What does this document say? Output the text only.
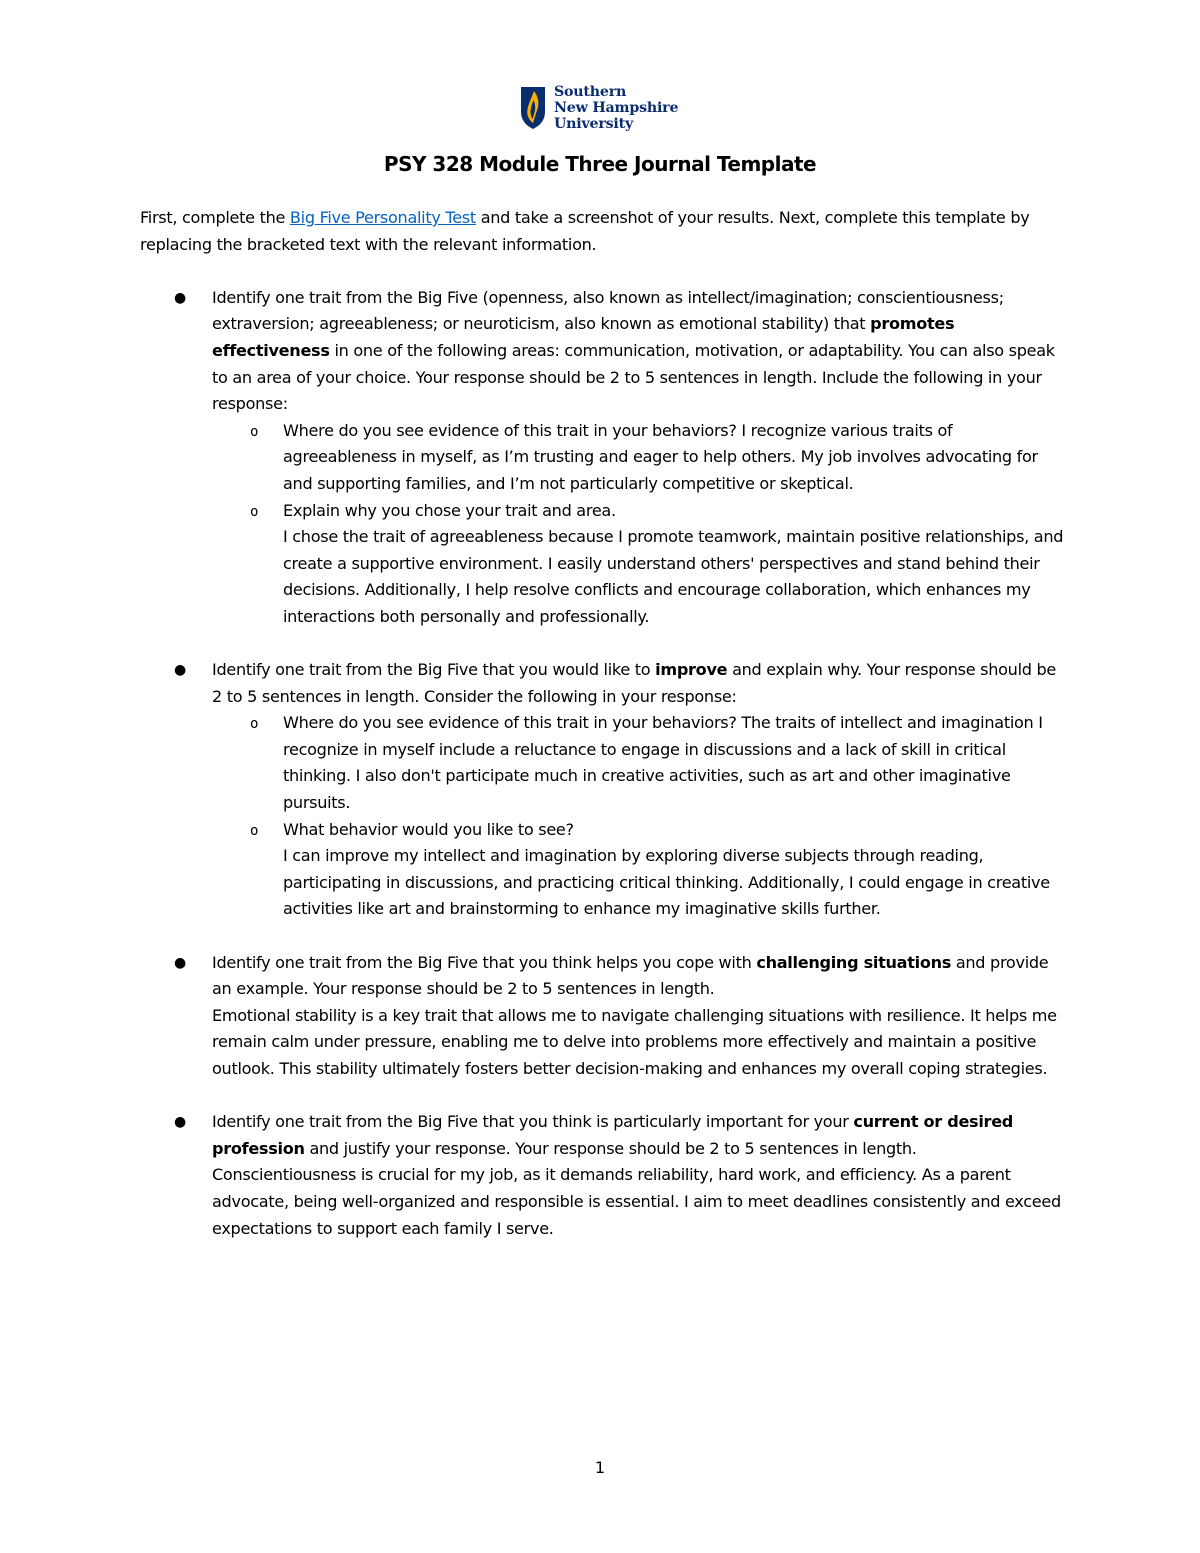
Southern
New Hampshire
University
PSY 328 Module Three Journal Template

First, complete the Big Five Personality Test and take a screenshot of your results. Next, complete this template by replacing the bracketed text with the relevant information.

● Identify one trait from the Big Five (openness, also known as intellect/imagination; conscientiousness; extraversion; agreeableness; or neuroticism, also known as emotional stability) that promotes effectiveness in one of the following areas: communication, motivation, or adaptability. You can also speak to an area of your choice. Your response should be 2 to 5 sentences in length. Include the following in your response:

o Where do you see evidence of this trait in your behaviors? I recognize various traits of agreeableness in myself, as I’m trusting and eager to help others. My job involves advocating for and supporting families, and I’m not particularly competitive or skeptical.

o Explain why you chose your trait and area.

I chose the trait of agreeableness because I promote teamwork, maintain positive relationships, and create a supportive environment. I easily understand others' perspectives and stand behind their decisions. Additionally, I help resolve conflicts and encourage collaboration, which enhances my interactions both personally and professionally.

● Identify one trait from the Big Five that you would like to improve and explain why. Your response should be 2 to 5 sentences in length. Consider the following in your response:

o Where do you see evidence of this trait in your behaviors? The traits of intellect and imagination I recognize in myself include a reluctance to engage in discussions and a lack of skill in critical thinking. I also don't participate much in creative activities, such as art and other imaginative pursuits.

o What behavior would you like to see?

I can improve my intellect and imagination by exploring diverse subjects through reading, participating in discussions, and practicing critical thinking. Additionally, I could engage in creative activities like art and brainstorming to enhance my imaginative skills further.

● Identify one trait from the Big Five that you think helps you cope with challenging situations and provide an example. Your response should be 2 to 5 sentences in length.

Emotional stability is a key trait that allows me to navigate challenging situations with resilience. It helps me remain calm under pressure, enabling me to delve into problems more effectively and maintain a positive outlook. This stability ultimately fosters better decision-making and enhances my overall coping strategies.

● Identify one trait from the Big Five that you think is particularly important for your current or desired profession and justify your response. Your response should be 2 to 5 sentences in length.

Conscientiousness is crucial for my job, as it demands reliability, hard work, and efficiency. As a parent advocate, being well-organized and responsible is essential. I aim to meet deadlines consistently and exceed expectations to support each family I serve.

1
